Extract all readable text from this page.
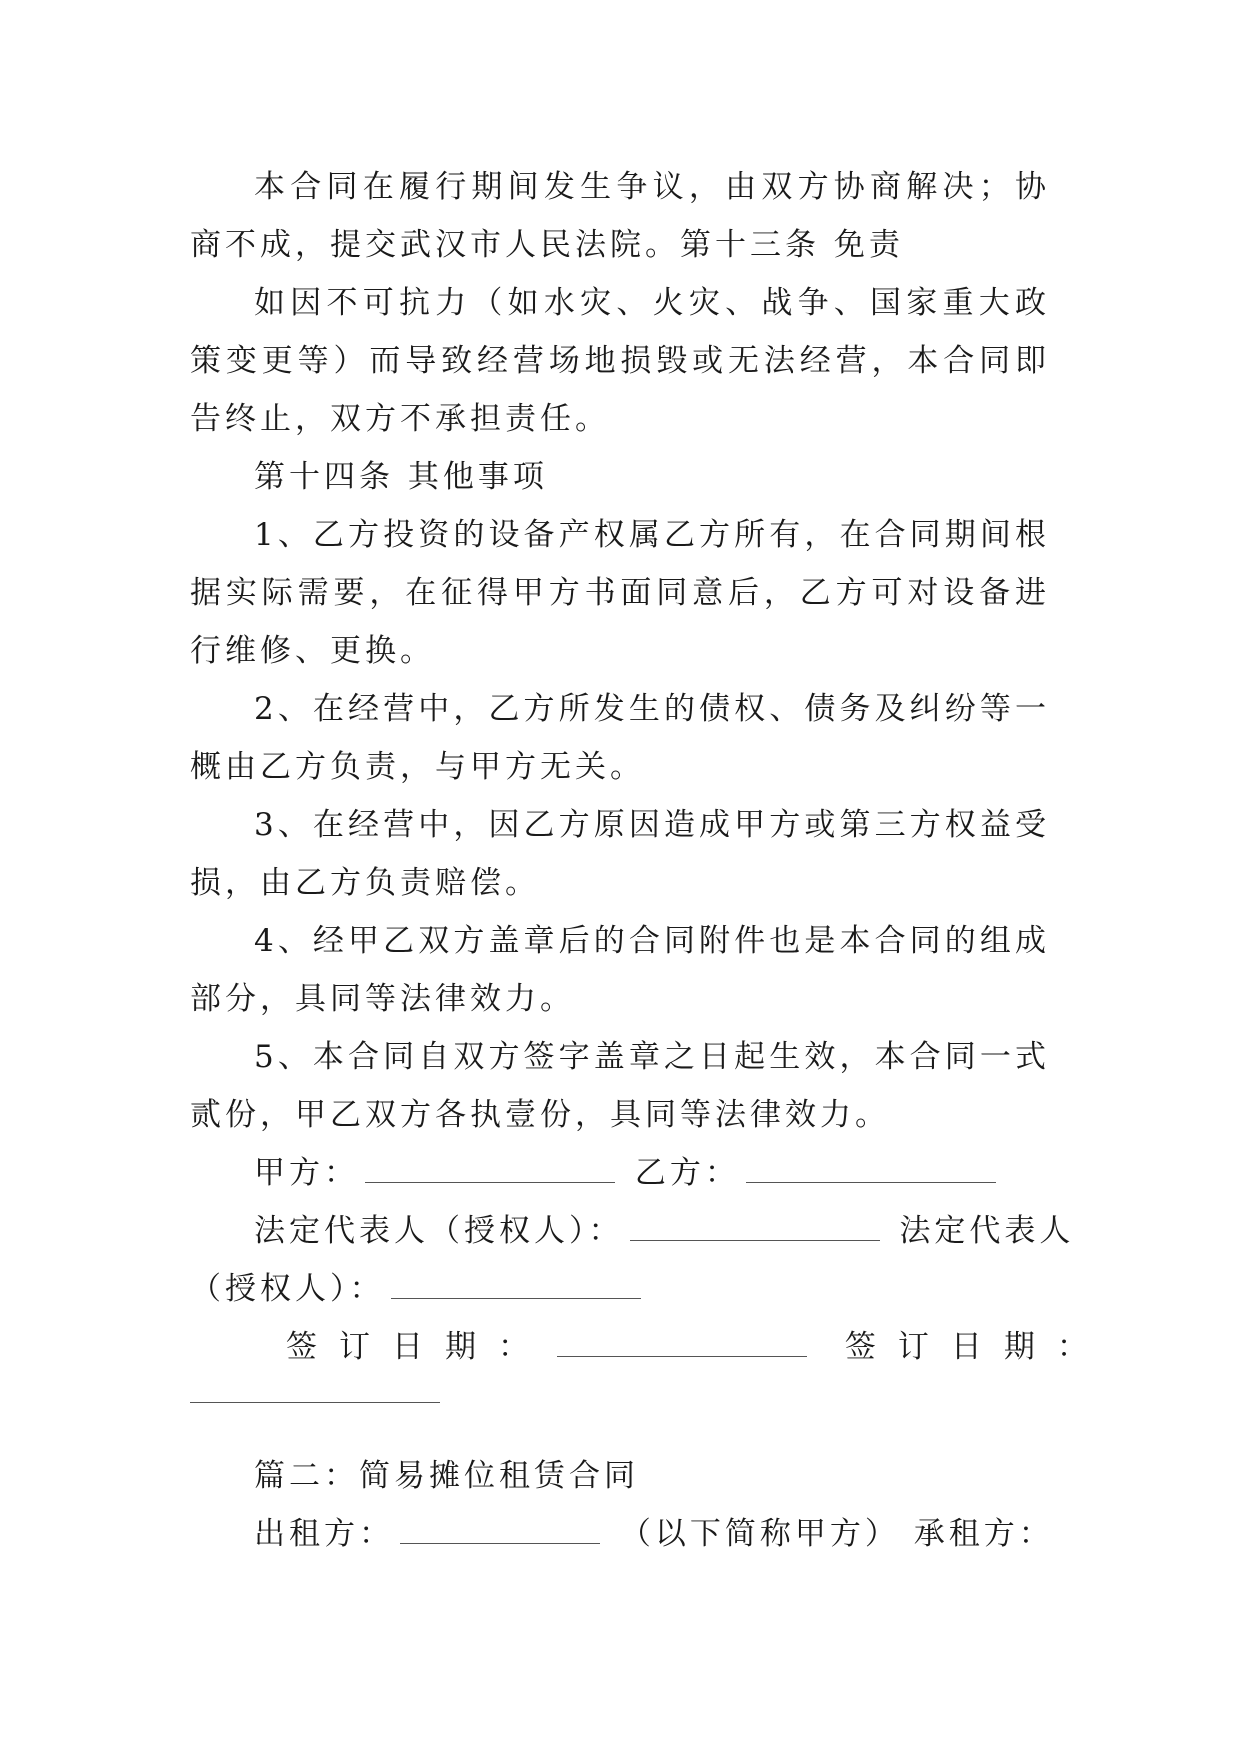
本合同在履行期间发生争议，由双方协商解决；协商不成，提交武汉市人民法院。第十三条 免责

如因不可抗力（如水灾、火灾、战争、国家重大政策变更等）而导致经营场地损毁或无法经营，本合同即告终止，双方不承担责任。

第十四条 其他事项

1、乙方投资的设备产权属乙方所有，在合同期间根据实际需要，在征得甲方书面同意后，乙方可对设备进行维修、更换。

2、在经营中，乙方所发生的债权、债务及纠纷等一概由乙方负责，与甲方无关。

3、在经营中，因乙方原因造成甲方或第三方权益受损，由乙方负责赔偿。

4、经甲乙双方盖章后的合同附件也是本合同的组成部分，具同等法律效力。

5、本合同自双方签字盖章之日起生效，本合同一式贰份，甲乙双方各执壹份，具同等法律效力。

甲方：	乙方：

法定代表人（授权人）：	法定代表人

（授权人）：

签订日期：	签订日期：

篇二：简易摊位租赁合同

出租方：	（以下简称甲方） 承租方：
